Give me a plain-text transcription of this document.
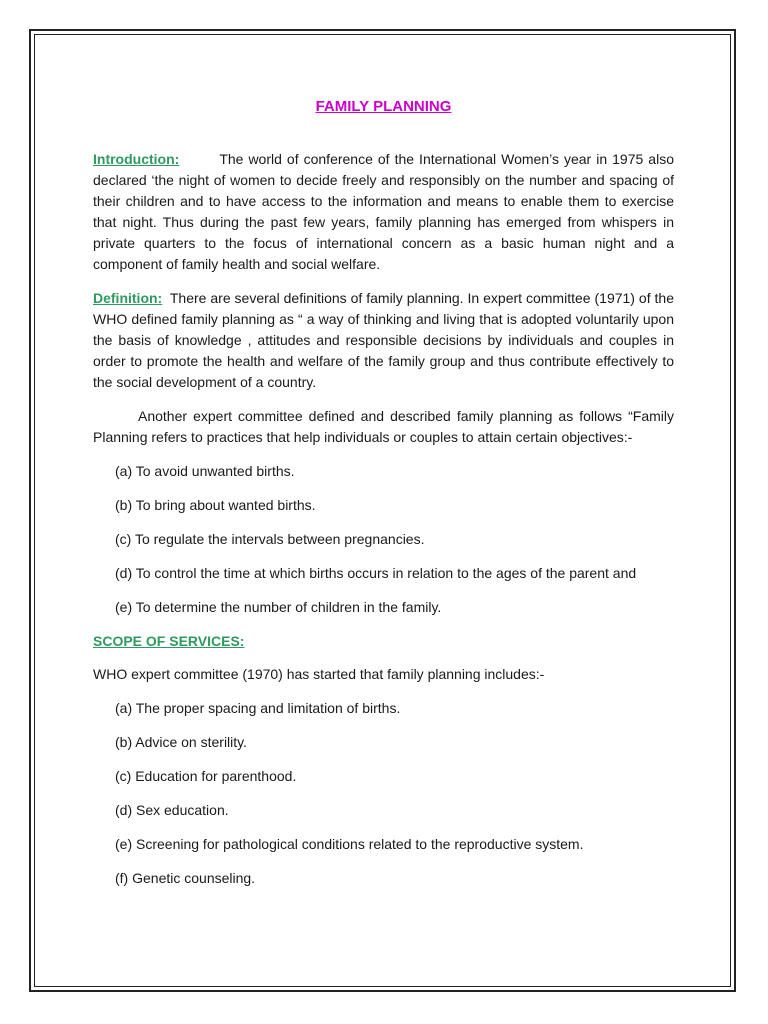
FAMILY PLANNING

Introduction:	The world of conference of the International Women’s year in 1975 also declared ‘the night of women to decide freely and responsibly on the number and spacing of their children and to have access to the information and means to enable them to exercise that night. Thus during the past few years, family planning has emerged from whispers in private quarters to the focus of international concern as a basic human night and a component of family health and social welfare.

Definition: There are several definitions of family planning. In expert committee (1971) of the WHO defined family planning as “ a way of thinking and living that is adopted voluntarily upon the basis of knowledge , attitudes and responsible decisions by individuals and couples in order to promote the health and welfare of the family group and thus contribute effectively to the social development of a country.

Another expert committee defined and described family planning as follows “Family Planning refers to practices that help individuals or couples to attain certain objectives:-

(a) To avoid unwanted births.
(b) To bring about wanted births.
(c) To regulate the intervals between pregnancies.
(d) To control the time at which births occurs in relation to the ages of the parent and
(e) To determine the number of children in the family.

SCOPE OF SERVICES:

WHO expert committee (1970) has started that family planning includes:-

(a) The proper spacing and limitation of births.
(b) Advice on sterility.
(c) Education for parenthood.
(d) Sex education.
(e) Screening for pathological conditions related to the reproductive system.
(f) Genetic counseling.
